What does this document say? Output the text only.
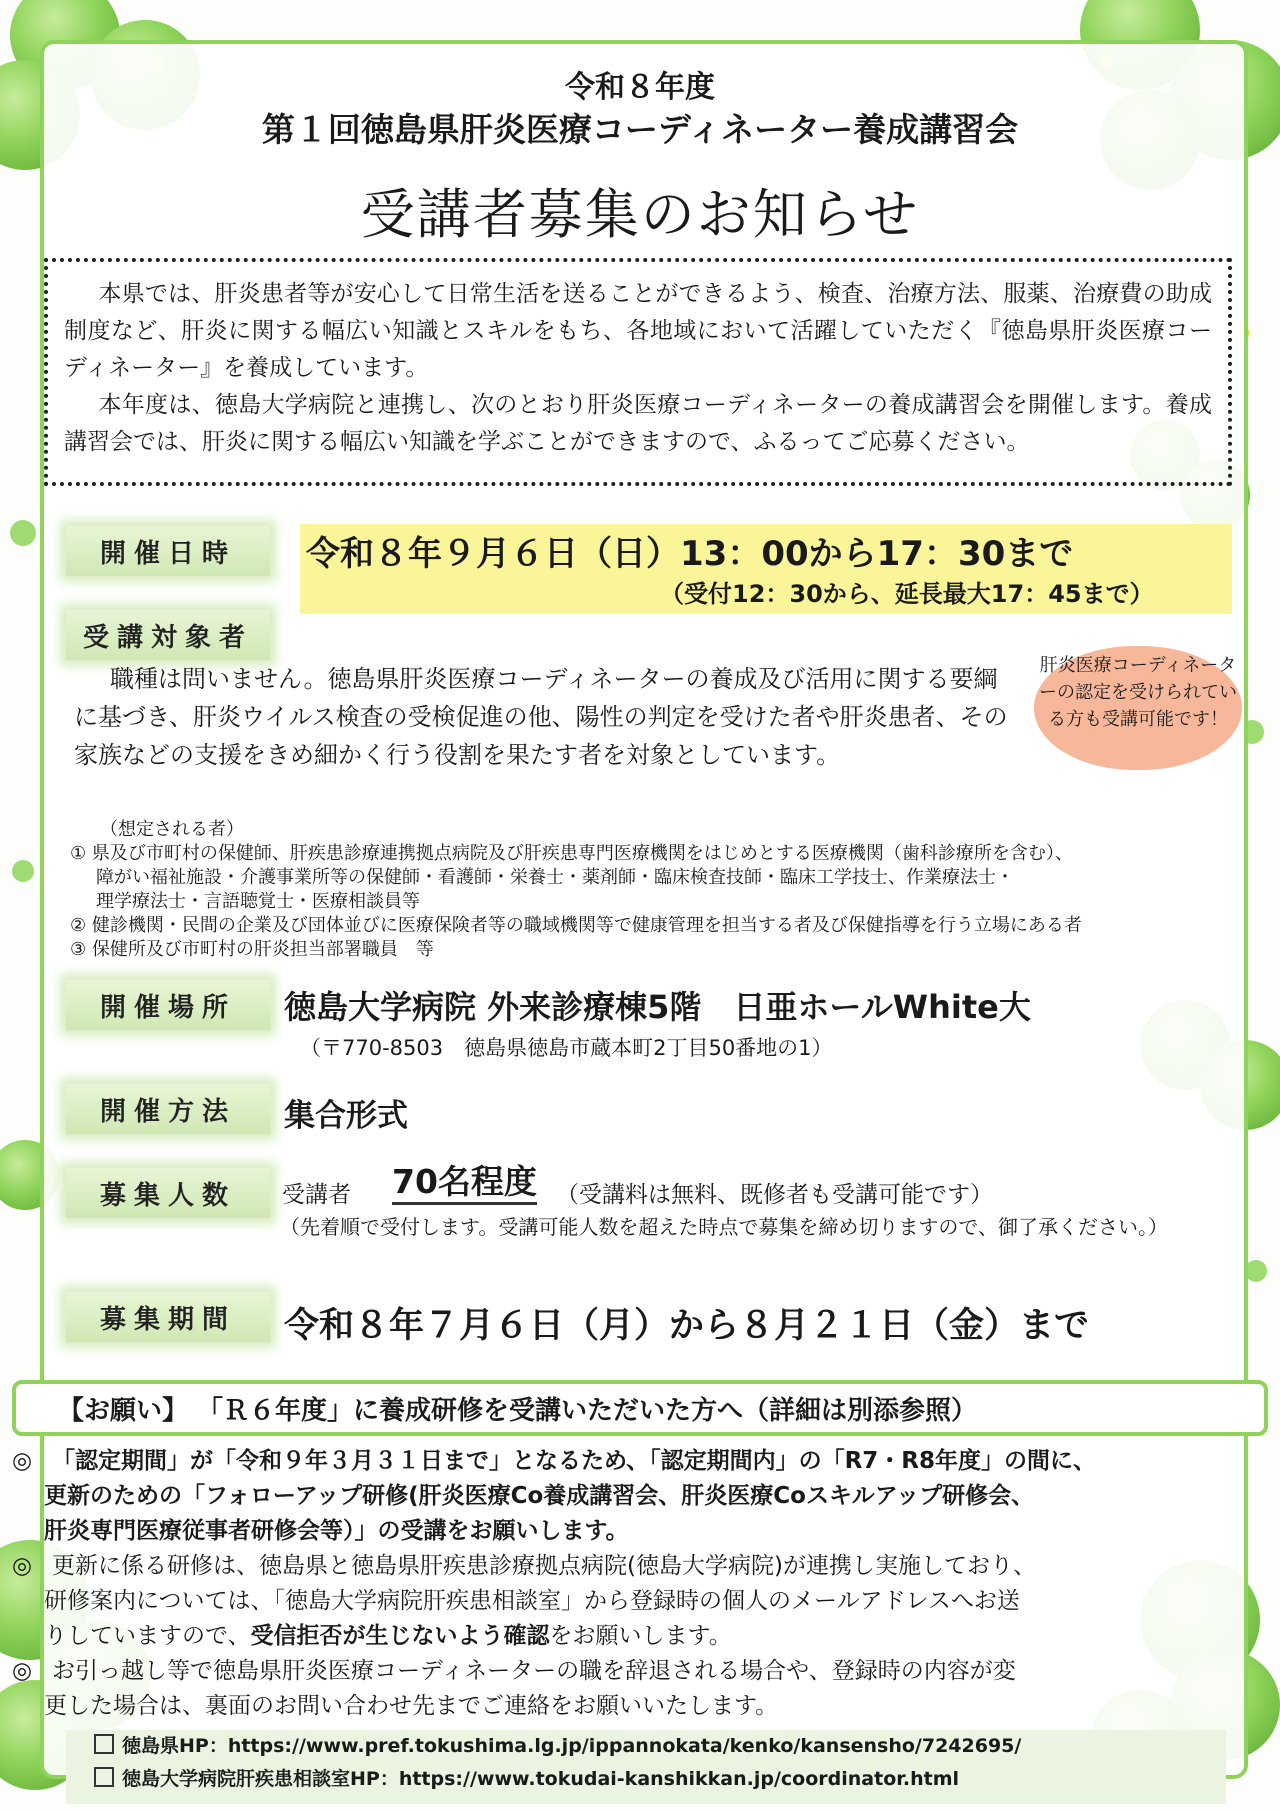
令和８年度
第１回徳島県肝炎医療コーディネーター養成講習会
受講者募集のお知らせ

本県では、肝炎患者等が安心して日常生活を送ることができるよう、検査、治療方法、服薬、治療費の助成制度など、肝炎に関する幅広い知識とスキルをもち、各地域において活躍していただく『徳島県肝炎医療コーディネーター』を養成しています。

本年度は、徳島大学病院と連携し、次のとおり肝炎医療コーディネーターの養成講習会を開催します。養成講習会では、肝炎に関する幅広い知識を学ぶことができますので、ふるってご応募ください。

開催日時	令和８年９月６日（日）13：00から17：30まで
（受付12：30から、延長最大17：45まで）
受講対象者
職種は問いません。徳島県肝炎医療コーディネーターの養成及び活用に関する要綱に基づき、肝炎ウイルス検査の受検促進の他、陽性の判定を受けた者や肝炎患者、その家族などの支援をきめ細かく行う役割を果たす者を対象としています。
肝炎医療コーディネーターの認定を受けられている方も受講可能です！
（想定される者）
① 県及び市町村の保健師、肝疾患診療連携拠点病院及び肝疾患専門医療機関をはじめとする医療機関（歯科診療所を含む）、
障がい福祉施設・介護事業所等の保健師・看護師・栄養士・薬剤師・臨床検査技師・臨床工学技士、作業療法士・
理学療法士・言語聴覚士・医療相談員等
② 健診機関・民間の企業及び団体並びに医療保険者等の職域機関等で健康管理を担当する者及び保健指導を行う立場にある者
③ 保健所及び市町村の肝炎担当部署職員　等
開催場所	徳島大学病院 外来診療棟5階　日亜ホールWhite大
（〒770-8503　徳島県徳島市蔵本町2丁目50番地の1）
開催方法	集合形式
募集人数	受講者 70名程度 （受講料は無料、既修者も受講可能です）
（先着順で受付します。受講可能人数を超えた時点で募集を締め切りますので、御了承ください。）
募集期間	令和８年７月６日（月）から８月２１日（金）まで
【お願い】 「Ｒ６年度」に養成研修を受講いただいた方へ（詳細は別添参照）
◎ 「認定期間」が「令和９年３月３１日まで」となるため、「認定期間内」の「R7・R8年度」の間に、
更新のための「フォローアップ研修(肝炎医療Co養成講習会、肝炎医療Coスキルアップ研修会、
肝炎専門医療従事者研修会等）」の受講をお願いします。
◎ 更新に係る研修は、徳島県と徳島県肝疾患診療拠点病院(徳島大学病院)が連携し実施しており、
研修案内については、「徳島大学病院肝疾患相談室」から登録時の個人のメールアドレスへお送
りしていますので、受信拒否が生じないよう確認をお願いします。
◎ お引っ越し等で徳島県肝炎医療コーディネーターの職を辞退される場合や、登録時の内容が変
更した場合は、裏面のお問い合わせ先までご連絡をお願いいたします。
徳島県HP：https://www.pref.tokushima.lg.jp/ippannokata/kenko/kansensho/7242695/
徳島大学病院肝疾患相談室HP：https://www.tokudai-kanshikkan.jp/coordinator.html
